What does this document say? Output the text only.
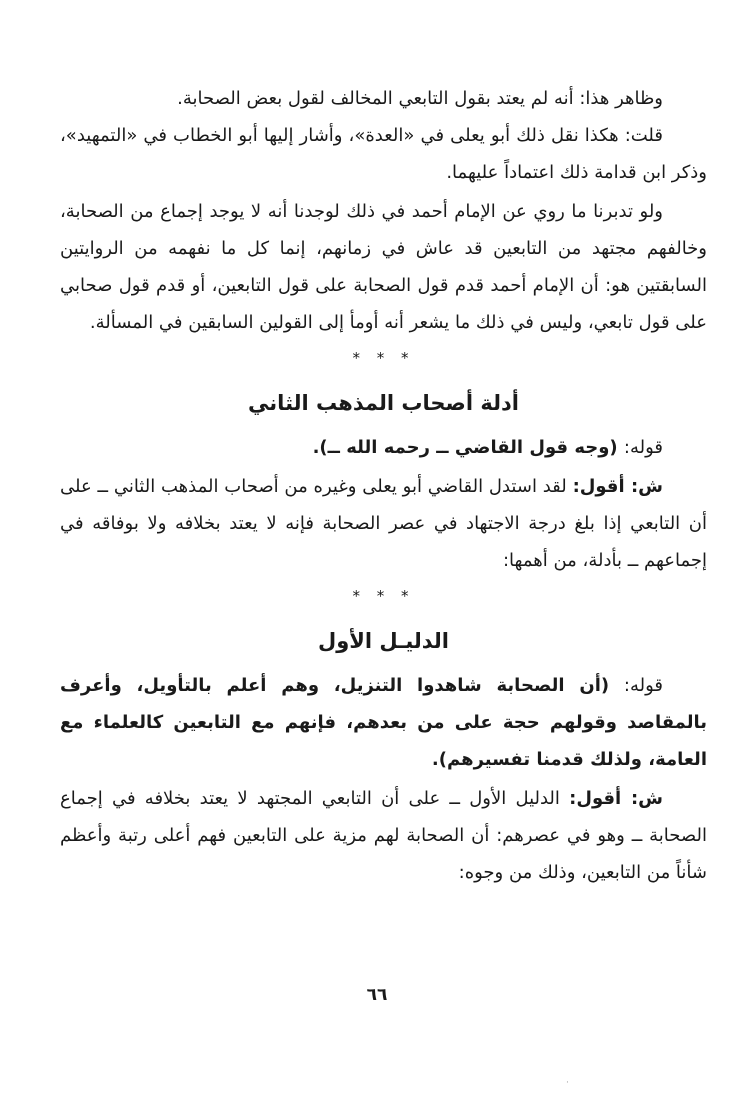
وظاهر هذا: أنه لم يعتد بقول التابعي المخالف لقول بعض الصحابة.

قلت: هكذا نقل ذلك أبو يعلى في «العدة»، وأشار إليها أبو الخطاب في «التمهيد»، وذكر ابن قدامة ذلك اعتماداً عليهما.

ولو تدبرنا ما روي عن الإمام أحمد في ذلك لوجدنا أنه لا يوجد إجماع من الصحابة، وخالفهم مجتهد من التابعين قد عاش في زمانهم، إنما كل ما نفهمه من الروايتين السابقتين هو: أن الإمام أحمد قدم قول الصحابة على قول التابعين، أو قدم قول صحابي على قول تابعي، وليس في ذلك ما يشعر أنه أومأ إلى القولين السابقين في المسألة.

* * *
أدلة أصحاب المذهب الثاني

قوله: (وجه قول القاضي ــ رحمه الله ــ).

ش: أقول: لقد استدل القاضي أبو يعلى وغيره من أصحاب المذهب الثاني ــ على أن التابعي إذا بلغ درجة الاجتهاد في عصر الصحابة فإنه لا يعتد بخلافه ولا بوفاقه في إجماعهم ــ بأدلة، من أهمها:

* * *
الدليـل الأول

قوله: (أن الصحابة شاهدوا التنزيل، وهم أعلم بالتأويل، وأعرف بالمقاصد وقولهم حجة على من بعدهم، فإنهم مع التابعين كالعلماء مع العامة، ولذلك قدمنا تفسيرهم).

ش: أقول: الدليل الأول ــ على أن التابعي المجتهد لا يعتد بخلافه في إجماع الصحابة ــ وهو في عصرهم: أن الصحابة لهم مزية على التابعين فهم أعلى رتبة وأعظم شأناً من التابعين، وذلك من وجوه:

٦٦
·
